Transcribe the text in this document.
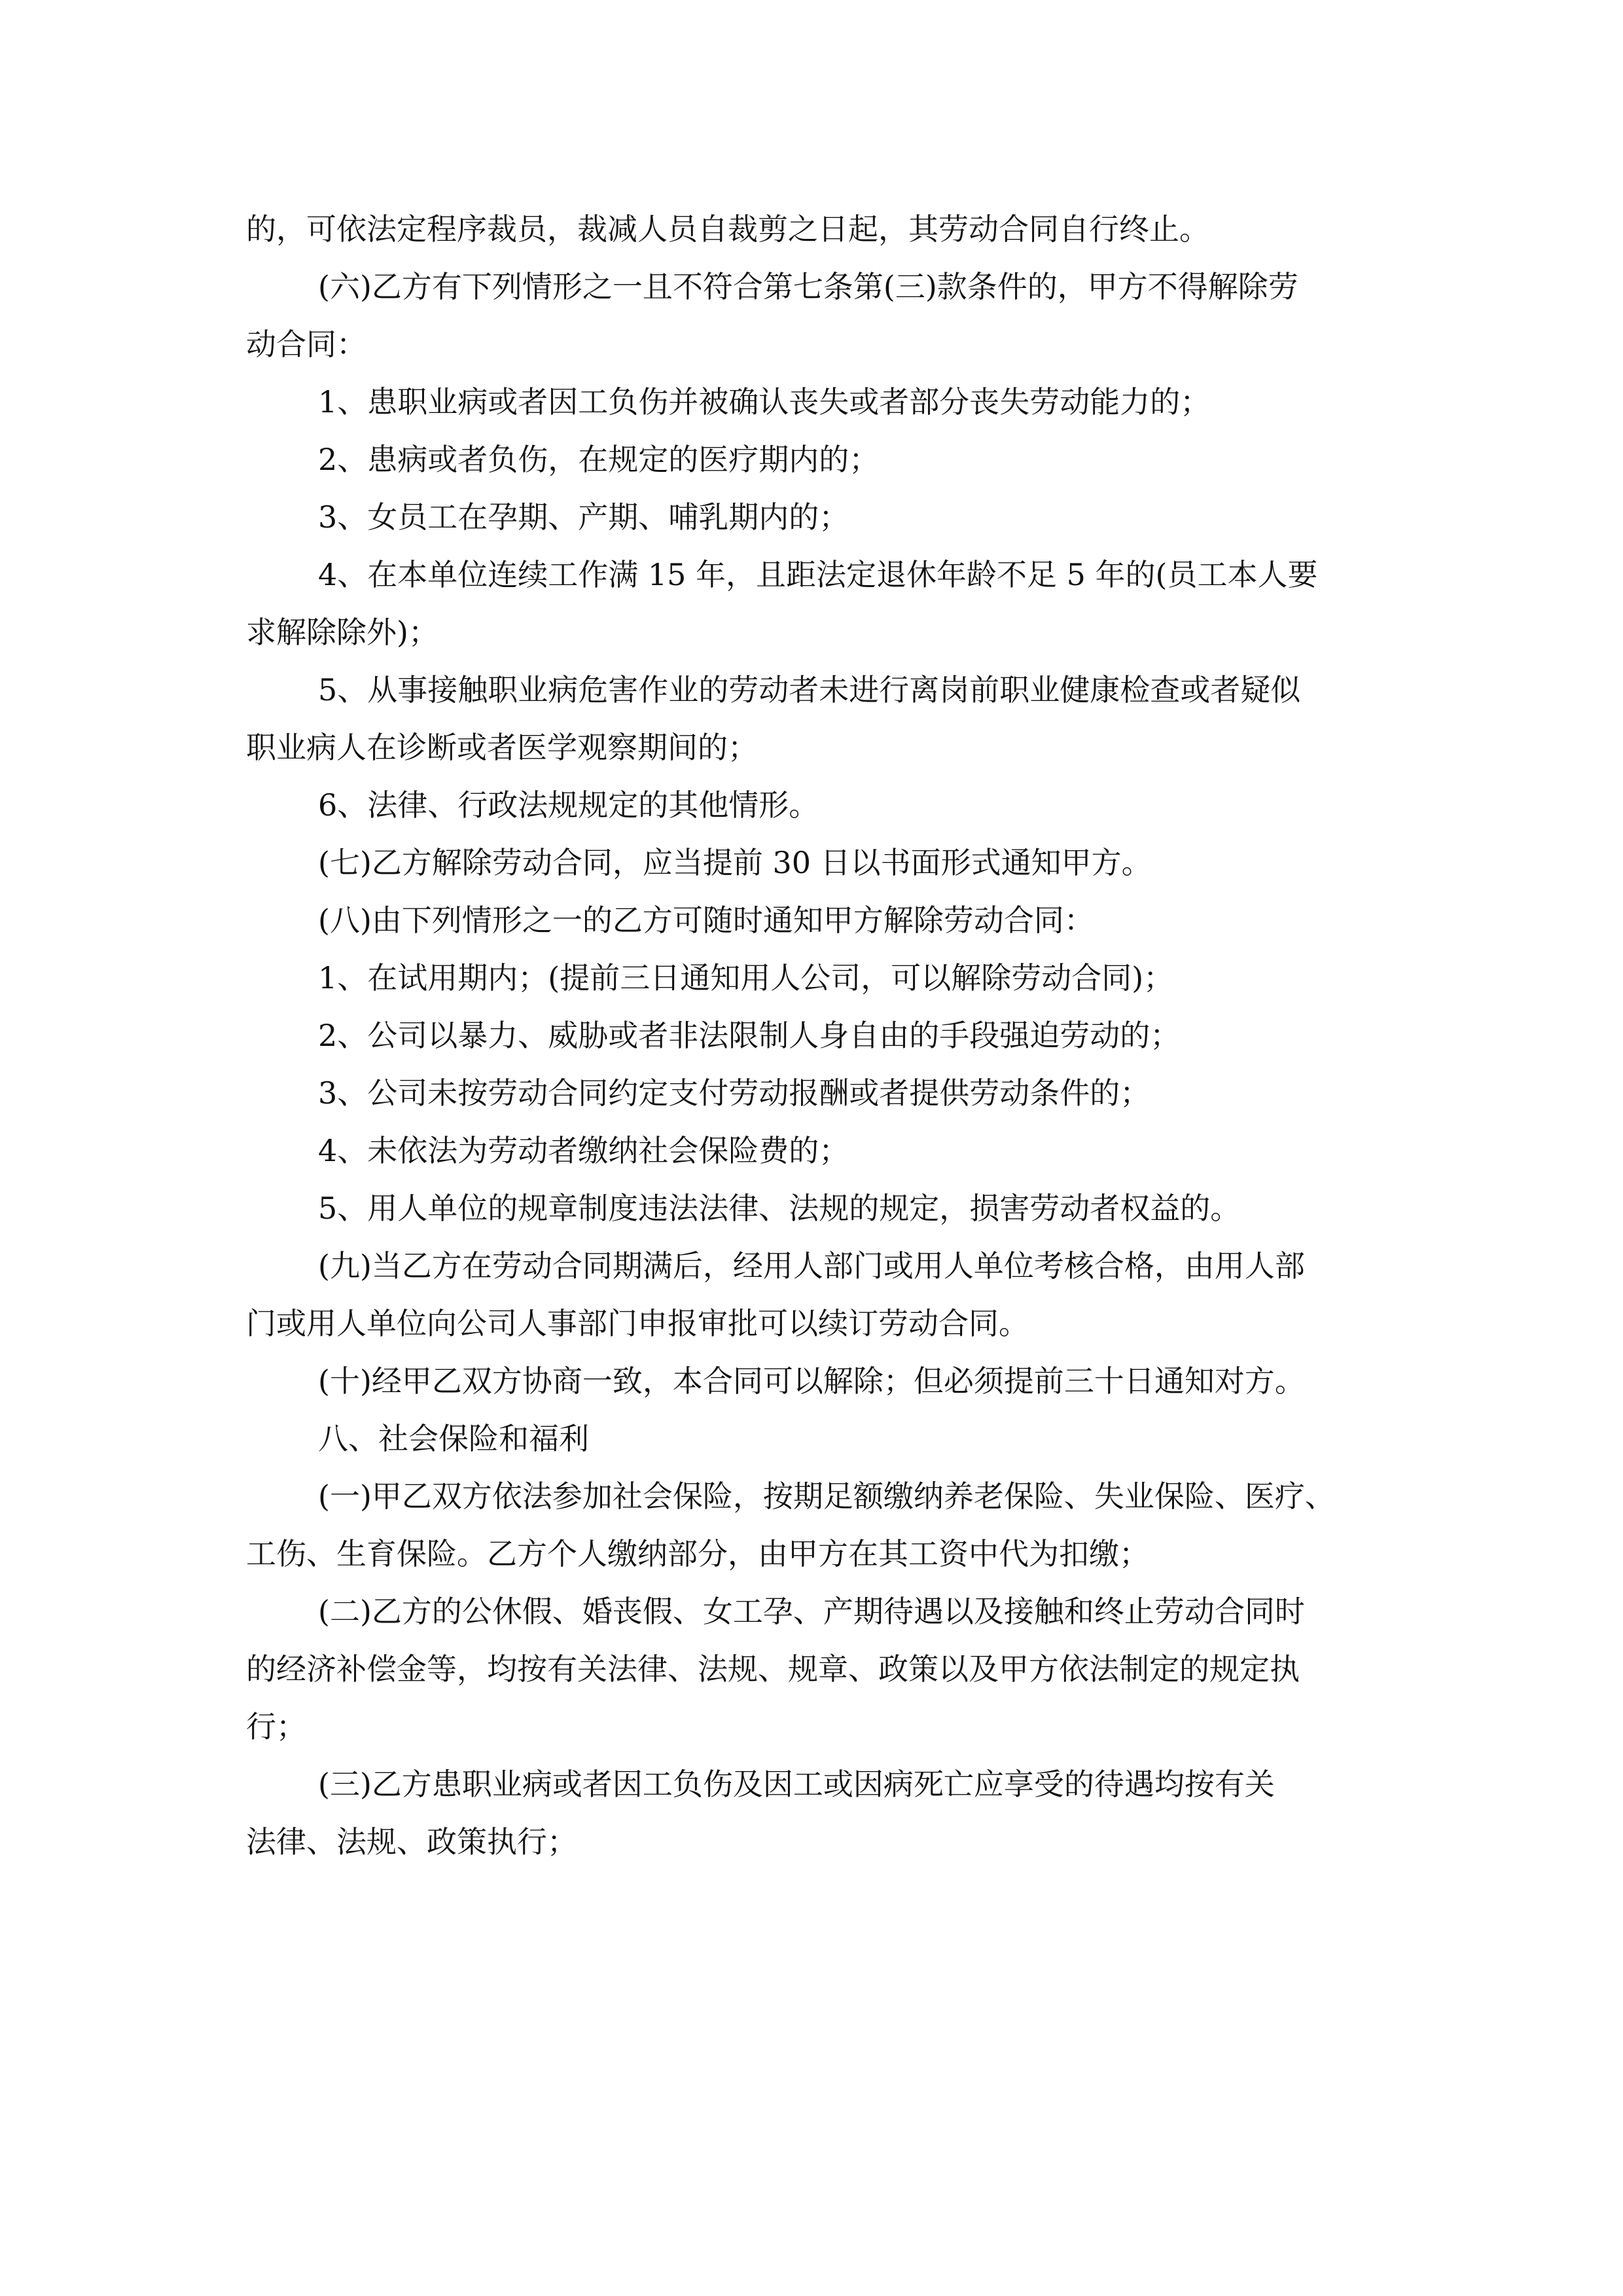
的，可依法定程序裁员，裁减人员自裁剪之日起，其劳动合同自行终止。
(六)乙方有下列情形之一且不符合第七条第(三)款条件的，甲方不得解除劳
动合同：
1、患职业病或者因工负伤并被确认丧失或者部分丧失劳动能力的；
2、患病或者负伤，在规定的医疗期内的；
3、女员工在孕期、产期、哺乳期内的；
4、在本单位连续工作满 15 年，且距法定退休年龄不足 5 年的(员工本人要
求解除除外)；
5、从事接触职业病危害作业的劳动者未进行离岗前职业健康检查或者疑似
职业病人在诊断或者医学观察期间的；
6、法律、行政法规规定的其他情形。
(七)乙方解除劳动合同，应当提前 30 日以书面形式通知甲方。
(八)由下列情形之一的乙方可随时通知甲方解除劳动合同：
1、在试用期内；(提前三日通知用人公司，可以解除劳动合同)；
2、公司以暴力、威胁或者非法限制人身自由的手段强迫劳动的；
3、公司未按劳动合同约定支付劳动报酬或者提供劳动条件的；
4、未依法为劳动者缴纳社会保险费的；
5、用人单位的规章制度违法法律、法规的规定，损害劳动者权益的。
(九)当乙方在劳动合同期满后，经用人部门或用人单位考核合格，由用人部
门或用人单位向公司人事部门申报审批可以续订劳动合同。
(十)经甲乙双方协商一致，本合同可以解除；但必须提前三十日通知对方。
八、社会保险和福利
(一)甲乙双方依法参加社会保险，按期足额缴纳养老保险、失业保险、医疗、
工伤、生育保险。乙方个人缴纳部分，由甲方在其工资中代为扣缴；
(二)乙方的公休假、婚丧假、女工孕、产期待遇以及接触和终止劳动合同时
的经济补偿金等，均按有关法律、法规、规章、政策以及甲方依法制定的规定执
行；
(三)乙方患职业病或者因工负伤及因工或因病死亡应享受的待遇均按有关
法律、法规、政策执行；
